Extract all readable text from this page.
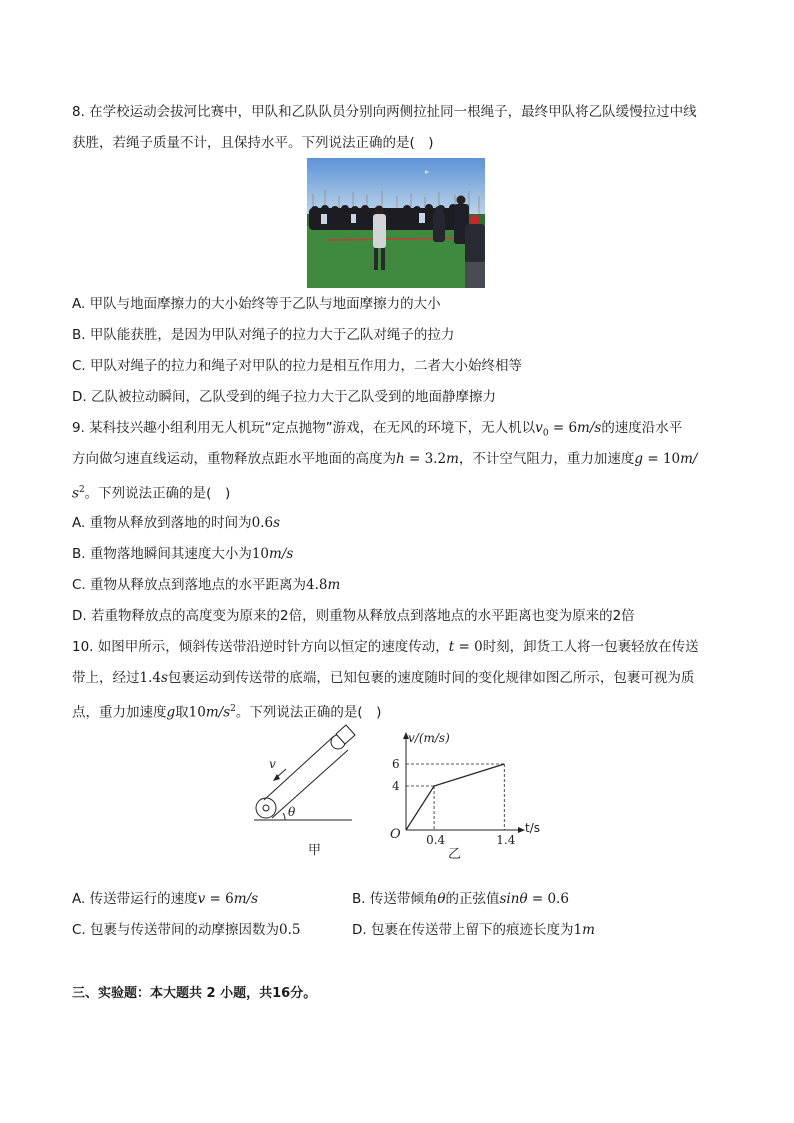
8. 在学校运动会拔河比赛中，甲队和乙队队员分别向两侧拉扯同一根绳子，最终甲队将乙队缓慢拉过中线
获胜，若绳子质量不计，且保持水平。下列说法正确的是(　)
A. 甲队与地面摩擦力的大小始终等于乙队与地面摩擦力的大小
B. 甲队能获胜，是因为甲队对绳子的拉力大于乙队对绳子的拉力
C. 甲队对绳子的拉力和绳子对甲队的拉力是相互作用力，二者大小始终相等
D. 乙队被拉动瞬间，乙队受到的绳子拉力大于乙队受到的地面静摩擦力
9. 某科技兴趣小组利用无人机玩“定点抛物”游戏，在无风的环境下，无人机以$v_0 = 6m/s$的速度沿水平
方向做匀速直线运动，重物释放点距水平地面的高度为h = 3.2m，不计空气阻力，重力加速度g = 10m/
$s^2$。下列说法正确的是(　)
A. 重物从释放到落地的时间为0.6s
B. 重物落地瞬间其速度大小为10m/s
C. 重物从释放点到落地点的水平距离为4.8m
D. 若重物释放点的高度变为原来的2倍，则重物从释放点到落地点的水平距离也变为原来的2倍
10. 如图甲所示，倾斜传送带沿逆时针方向以恒定的速度传动，t = 0时刻，卸货工人将一包裹轻放在传送
带上，经过1.4s包裹运动到传送带的底端，已知包裹的速度随时间的变化规律如图乙所示，包裹可视为质
点，重力加速度g取$10m/s^2$。下列说法正确的是(　)
v
θ
甲
v/(m/s)
t/s
O
4
6
0.4	1.4
乙
A. 传送带运行的速度v = 6m/s	B. 传送带倾角θ的正弦值sinθ = 0.6
C. 包裹与传送带间的动摩擦因数为0.5	D. 包裹在传送带上留下的痕迹长度为1m
三、实验题：本大题共 2 小题，共16分。
